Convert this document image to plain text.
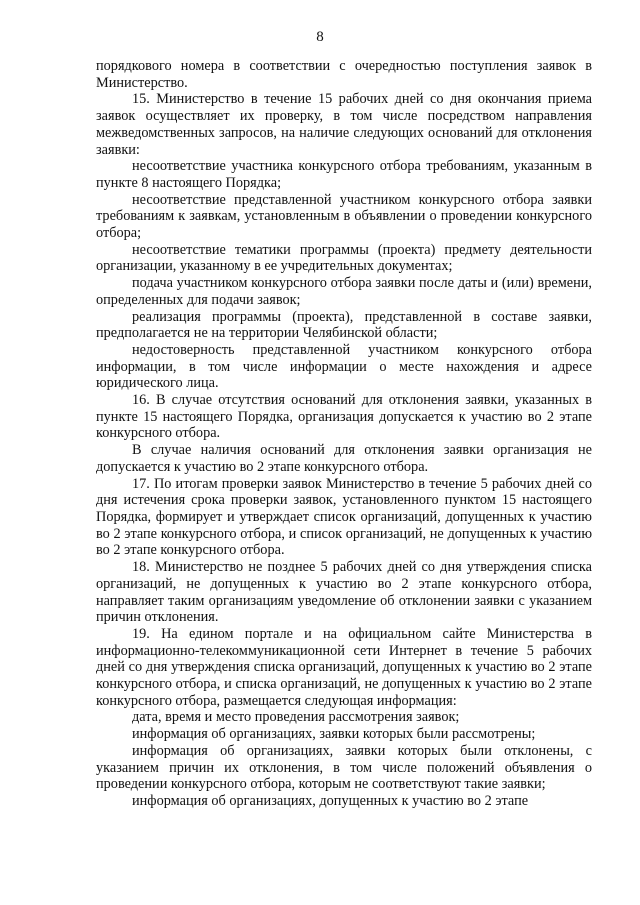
8

порядкового номера в соответствии с очередностью поступления заявок в Министерство.

15. Министерство в течение 15 рабочих дней со дня окончания приема заявок осуществляет их проверку, в том числе посредством направления межведомственных запросов, на наличие следующих оснований для отклонения заявки:

несоответствие участника конкурсного отбора требованиям, указанным в пункте 8 настоящего Порядка;

несоответствие представленной участником конкурсного отбора заявки требованиям к заявкам, установленным в объявлении о проведении конкурсного отбора;

несоответствие тематики программы (проекта) предмету деятельности организации, указанному в ее учредительных документах;

подача участником конкурсного отбора заявки после даты и (или) времени, определенных для подачи заявок;

реализация программы (проекта), представленной в составе заявки, предполагается не на территории Челябинской области;

недостоверность представленной участником конкурсного отбора информации, в том числе информации о месте нахождения и адресе юридического лица.

16. В случае отсутствия оснований для отклонения заявки, указанных в пункте 15 настоящего Порядка, организация допускается к участию во 2 этапе конкурсного отбора.

В случае наличия оснований для отклонения заявки организация не допускается к участию во 2 этапе конкурсного отбора.

17. По итогам проверки заявок Министерство в течение 5 рабочих дней со дня истечения срока проверки заявок, установленного пунктом 15 настоящего Порядка, формирует и утверждает список организаций, допущенных к участию во 2 этапе конкурсного отбора, и список организаций, не допущенных к участию во 2 этапе конкурсного отбора.

18. Министерство не позднее 5 рабочих дней со дня утверждения списка организаций, не допущенных к участию во 2 этапе конкурсного отбора, направляет таким организациям уведомление об отклонении заявки с указанием причин отклонения.

19. На едином портале и на официальном сайте Министерства в информационно-телекоммуникационной сети Интернет в течение 5 рабочих дней со дня утверждения списка организаций, допущенных к участию во 2 этапе конкурсного отбора, и списка организаций, не допущенных к участию во 2 этапе конкурсного отбора, размещается следующая информация:

дата, время и место проведения рассмотрения заявок;

информация об организациях, заявки которых были рассмотрены;

информация об организациях, заявки которых были отклонены, с указанием причин их отклонения, в том числе положений объявления о проведении конкурсного отбора, которым не соответствуют такие заявки;

информация об организациях, допущенных к участию во 2 этапе
